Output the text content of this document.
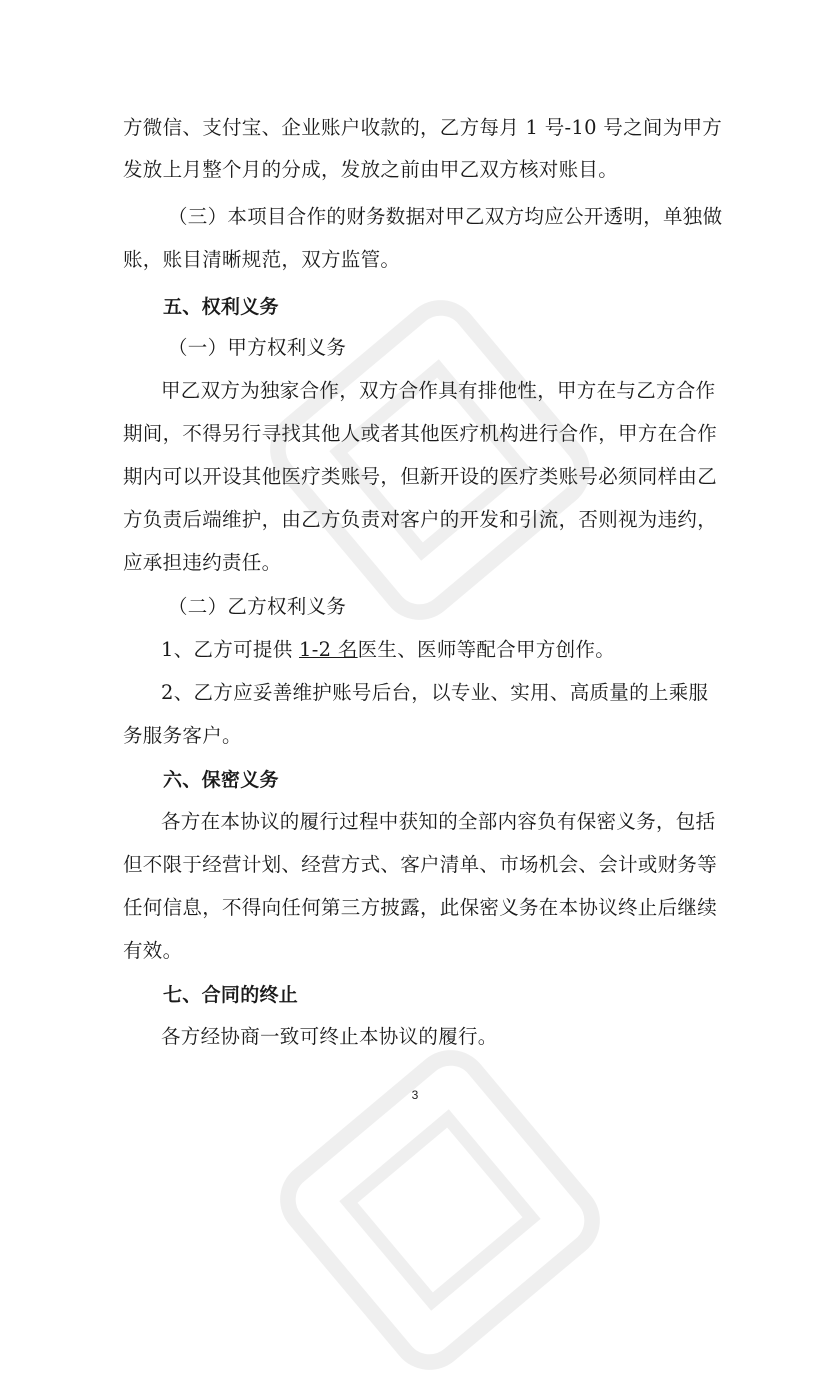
方微信、支付宝、企业账户收款的，乙方每月 1 号-10 号之间为甲方
发放上月整个月的分成，发放之前由甲乙双方核对账目。
（三）本项目合作的财务数据对甲乙双方均应公开透明，单独做
账，账目清晰规范，双方监管。
五、权利义务
（一）甲方权利义务
甲乙双方为独家合作，双方合作具有排他性，甲方在与乙方合作
期间，不得另行寻找其他人或者其他医疗机构进行合作，甲方在合作
期内可以开设其他医疗类账号，但新开设的医疗类账号必须同样由乙
方负责后端维护，由乙方负责对客户的开发和引流，否则视为违约，
应承担违约责任。
（二）乙方权利义务
1、乙方可提供 1-2 名医生、医师等配合甲方创作。
2、乙方应妥善维护账号后台，以专业、实用、高质量的上乘服
务服务客户。
六、保密义务
各方在本协议的履行过程中获知的全部内容负有保密义务，包括
但不限于经营计划、经营方式、客户清单、市场机会、会计或财务等
任何信息，不得向任何第三方披露，此保密义务在本协议终止后继续
有效。
七、合同的终止
各方经协商一致可终止本协议的履行。
3
